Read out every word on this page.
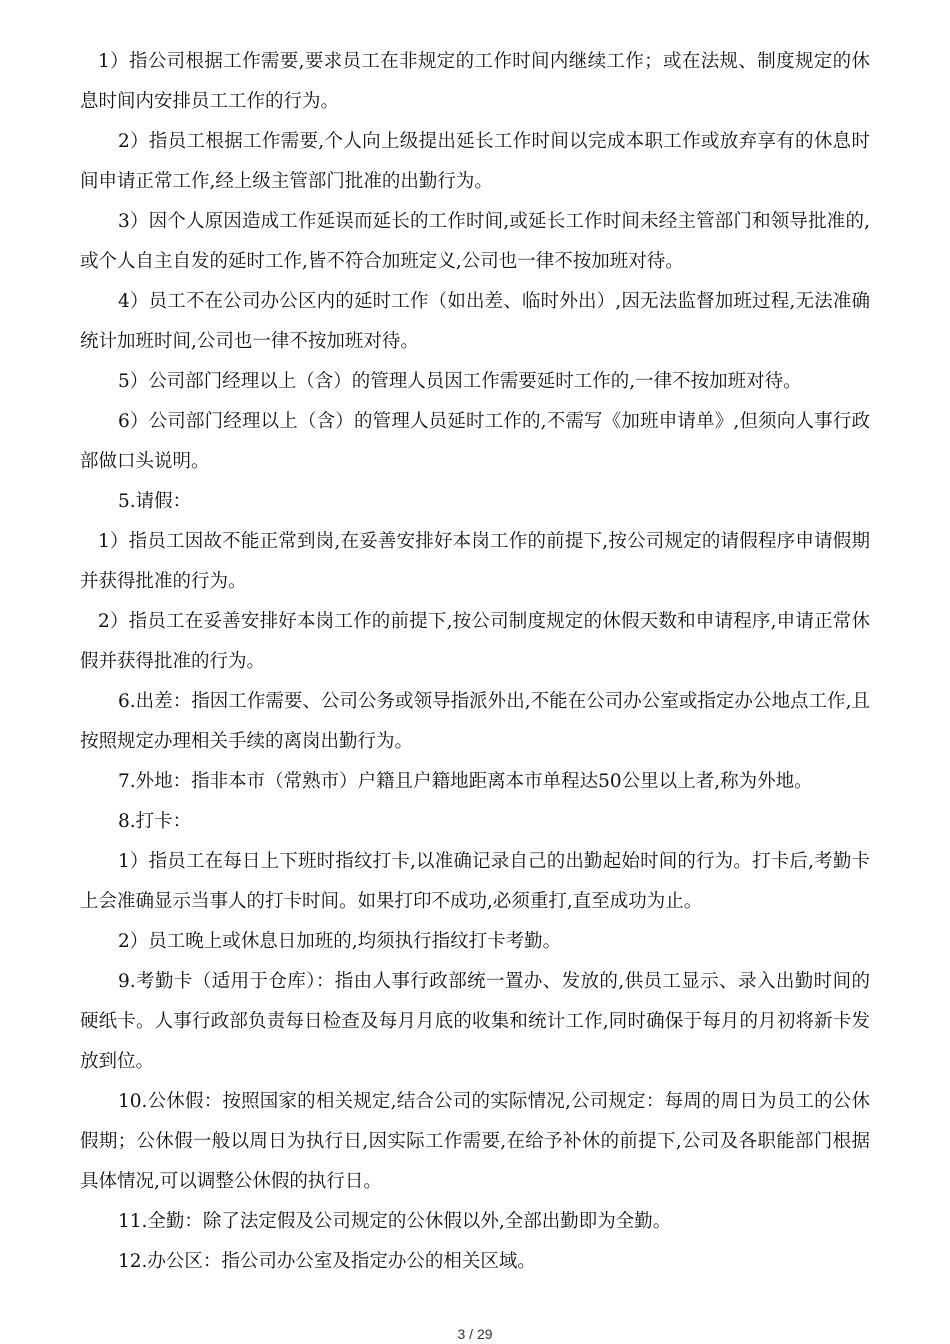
1）指公司根据工作需要,要求员工在非规定的工作时间内继续工作；或在法规、制度规定的休息时间内安排员工工作的行为。

2）指员工根据工作需要,个人向上级提出延长工作时间以完成本职工作或放弃享有的休息时间申请正常工作,经上级主管部门批准的出勤行为。

3）因个人原因造成工作延误而延长的工作时间,或延长工作时间未经主管部门和领导批准的,或个人自主自发的延时工作,皆不符合加班定义,公司也一律不按加班对待。

4）员工不在公司办公区内的延时工作（如出差、临时外出）,因无法监督加班过程,无法准确统计加班时间,公司也一律不按加班对待。

5）公司部门经理以上（含）的管理人员因工作需要延时工作的,一律不按加班对待。

6）公司部门经理以上（含）的管理人员延时工作的,不需写《加班申请单》,但须向人事行政部做口头说明。

5.请假：

1）指员工因故不能正常到岗,在妥善安排好本岗工作的前提下,按公司规定的请假程序申请假期并获得批准的行为。

2）指员工在妥善安排好本岗工作的前提下,按公司制度规定的休假天数和申请程序,申请正常休假并获得批准的行为。

6.出差：指因工作需要、公司公务或领导指派外出,不能在公司办公室或指定办公地点工作,且按照规定办理相关手续的离岗出勤行为。

7.外地：指非本市（常熟市）户籍且户籍地距离本市单程达50公里以上者,称为外地。

8.打卡：

1）指员工在每日上下班时指纹打卡,以准确记录自己的出勤起始时间的行为。打卡后,考勤卡上会准确显示当事人的打卡时间。如果打印不成功,必须重打,直至成功为止。

2）员工晚上或休息日加班的,均须执行指纹打卡考勤。

9.考勤卡（适用于仓库）：指由人事行政部统一置办、发放的,供员工显示、录入出勤时间的硬纸卡。人事行政部负责每日检查及每月月底的收集和统计工作,同时确保于每月的月初将新卡发放到位。

10.公休假：按照国家的相关规定,结合公司的实际情况,公司规定：每周的周日为员工的公休假期；公休假一般以周日为执行日,因实际工作需要,在给予补休的前提下,公司及各职能部门根据具体情况,可以调整公休假的执行日。

11.全勤：除了法定假及公司规定的公休假以外,全部出勤即为全勤。

12.办公区：指公司办公室及指定办公的相关区域。

3 / 29
